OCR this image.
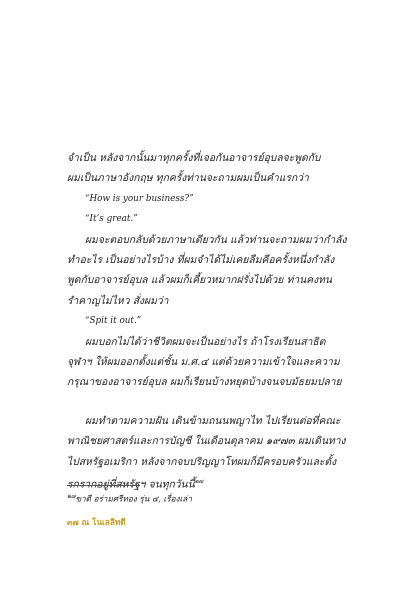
จำเป็น หลังจากนั้นมาทุกครั้งที่เจอกันอาจารย์อุบลจะพูดกับ

ผมเป็นภาษาอังกฤษ ทุกครั้งท่านจะถามผมเป็นคำแรกว่า

“How is your business?”

“It’s great.”

ผมจะตอบกลับด้วยภาษาเดียวกัน แล้วท่านจะถามผมว่ากำลังทำอะไร เป็นอย่างไรบ้าง ที่ผมจำได้ไม่เคยลืมคือครั้งหนึ่งกำลังพูดกับอาจารย์อุบล แล้วผมก็เคี้ยวหมากฝรั่งไปด้วย ท่านคงทนรำคาญไม่ไหว สั่งผมว่า

“Spit it out.”

ผมบอกไม่ได้ว่าชีวิตผมจะเป็นอย่างไร ถ้าโรงเรียนสาธิตจุฬาฯ ให้ผมออกตั้งแต่ชั้น ม.ศ.๔ แต่ด้วยความเข้าใจและความกรุณาของอาจารย์อุบล ผมก็เรียนบ้างหยุดบ้างจนจบมัธยมปลาย

ผมทำตามความฝัน เดินข้ามถนนพญาไท ไปเรียนต่อที่คณะพาณิชยศาสตร์และการบัญชี ในเดือนตุลาคม ๑๙๗๓ ผมเดินทางไปสหรัฐอเมริกา หลังจากจบปริญญาโทผมก็มีครอบครัวและตั้งรกรากอยู่ที่สหรัฐฯ จนทุกวันนี้$^{๒๗}$

$^{๒๗}$ขาดี อร่ามศรีทอง รุ่น ๔, เรื่องเล่า
๓๗ ณ โนเลลีทดี
